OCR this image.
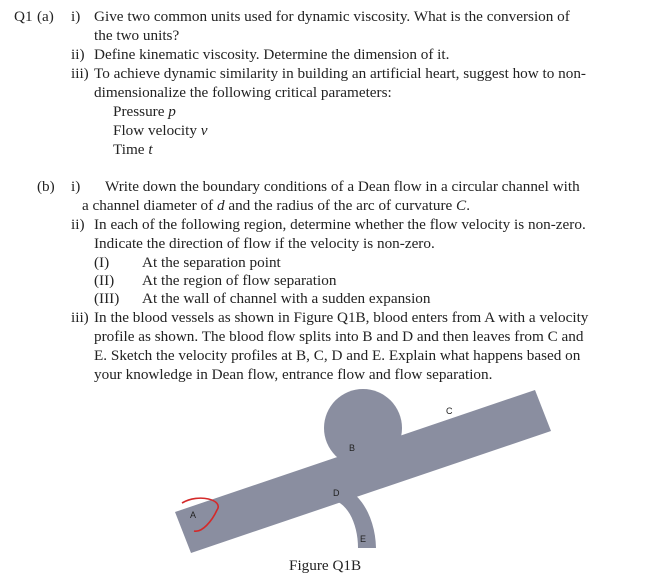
Q1 (a) i) Give two common units used for dynamic viscosity. What is the conversion of
the two units?
ii) Define kinematic viscosity. Determine the dimension of it.
iii) To achieve dynamic similarity in building an artificial heart, suggest how to non-
dimensionalize the following critical parameters:
Pressure p
Flow velocity v
Time t
(b) i) Write down the boundary conditions of a Dean flow in a circular channel with
a channel diameter of d and the radius of the arc of curvature C.
ii) In each of the following region, determine whether the flow velocity is non-zero.
Indicate the direction of flow if the velocity is non-zero.
(I) At the separation point
(II) At the region of flow separation
(III) At the wall of channel with a sudden expansion
iii) In the blood vessels as shown in Figure Q1B, blood enters from A with a velocity
profile as shown. The blood flow splits into B and D and then leaves from C and
E. Sketch the velocity profiles at B, C, D and E. Explain what happens based on
your knowledge in Dean flow, entrance flow and flow separation.
A
B
C
D
E
Figure Q1B
